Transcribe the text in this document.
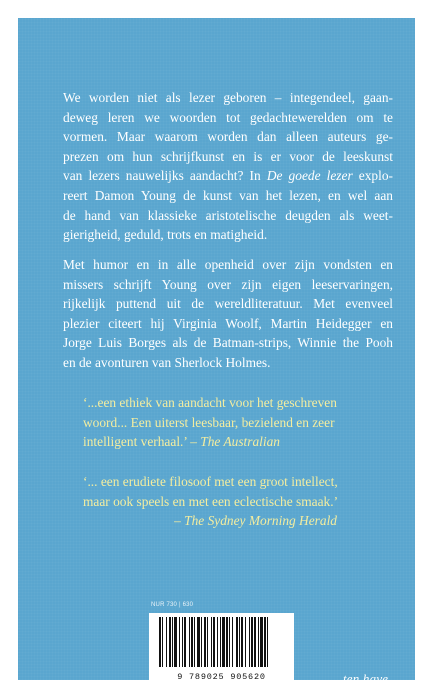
We worden niet als lezer geboren – integendeel, gaan-
deweg leren we woorden tot gedachtewerelden om te
vormen. Maar waarom worden dan alleen auteurs ge-
prezen om hun schrijfkunst en is er voor de leeskunst
van lezers nauwelijks aandacht? In De goede lezer explo-
reert Damon Young de kunst van het lezen, en wel aan
de hand van klassieke aristotelische deugden als weet-
gierigheid, geduld, trots en matigheid.
Met humor en in alle openheid over zijn vondsten en
missers schrijft Young over zijn eigen leeservaringen,
rijkelijk puttend uit de wereldliteratuur. Met evenveel
plezier citeert hij Virginia Woolf, Martin Heidegger en
Jorge Luis Borges als de Batman-strips, Winnie the Pooh
en de avonturen van Sherlock Holmes.
‘...een ethiek van aandacht voor het geschreven
woord... Een uiterst leesbaar, bezielend en zeer
intelligent verhaal.’ – The Australian
‘... een erudiete filosoof met een groot intellect,
maar ook speels en met een eclectische smaak.’
– The Sydney Morning Herald
NUR 730 | 630
9 789025 905620	ten have
